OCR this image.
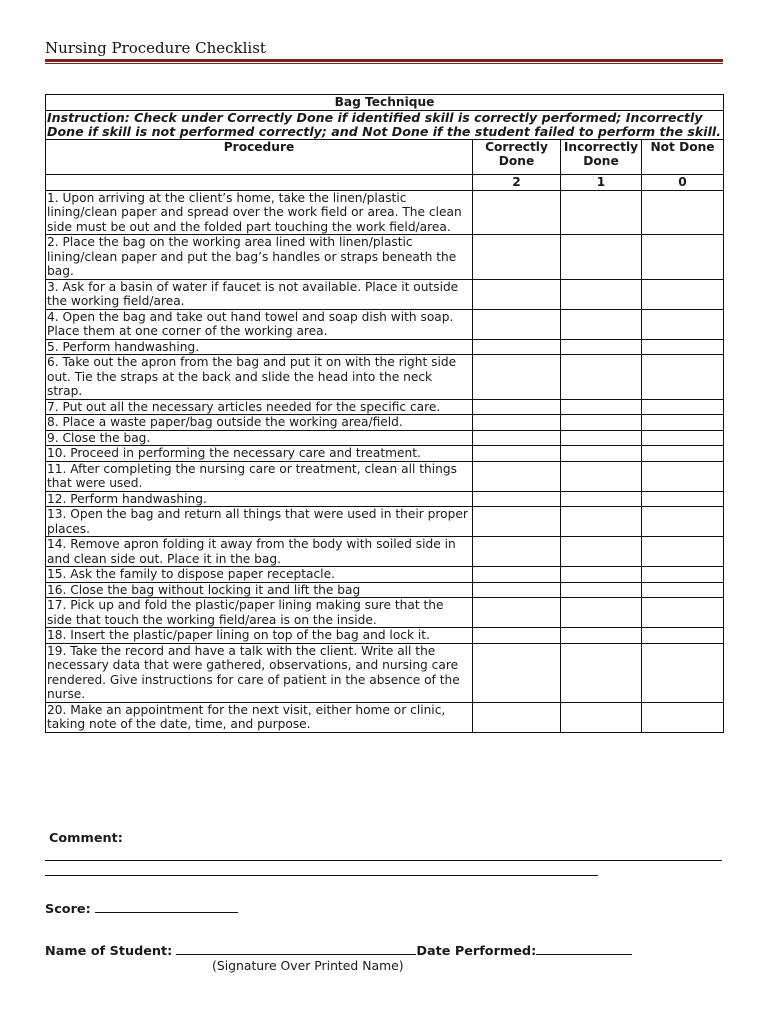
Nursing Procedure Checklist
Bag Technique			
Instruction: Check under Correctly Done if identified skill is correctly performed; Incorrectly Done if skill is not performed correctly; and Not Done if the student failed to perform the skill.			
Procedure	Correctly Done	Incorrectly Done	Not Done
	2	1	0
1. Upon arriving at the client’s home, take the linen/plastic lining/clean paper and spread over the work field or area. The clean side must be out and the folded part touching the work field/area.			
2. Place the bag on the working area lined with linen/plastic lining/clean paper and put the bag’s handles or straps beneath the bag.			
3. Ask for a basin of water if faucet is not available. Place it outside the working field/area.			
4. Open the bag and take out hand towel and soap dish with soap. Place them at one corner of the working area.			
5. Perform handwashing.			
6. Take out the apron from the bag and put it on with the right side out. Tie the straps at the back and slide the head into the neck strap.			
7. Put out all the necessary articles needed for the specific care.			
8. Place a waste paper/bag outside the working area/field.			
9. Close the bag.			
10. Proceed in performing the necessary care and treatment.			
11. After completing the nursing care or treatment, clean all things that were used.			
12. Perform handwashing.			
13. Open the bag and return all things that were used in their proper places.			
14. Remove apron folding it away from the body with soiled side in and clean side out. Place it in the bag.			
15. Ask the family to dispose paper receptacle.			
16. Close the bag without locking it and lift the bag			
17. Pick up and fold the plastic/paper lining making sure that the side that touch the working field/area is on the inside.			
18. Insert the plastic/paper lining on top of the bag and lock it.			
19. Take the record and have a talk with the client. Write all the necessary data that were gathered, observations, and nursing care rendered. Give instructions for care of patient in the absence of the nurse.			
20. Make an appointment for the next visit, either home or clinic, taking note of the date, time, and purpose.			
Comment:
Score:
Name of Student:	Date Performed:
(Signature Over Printed Name)
